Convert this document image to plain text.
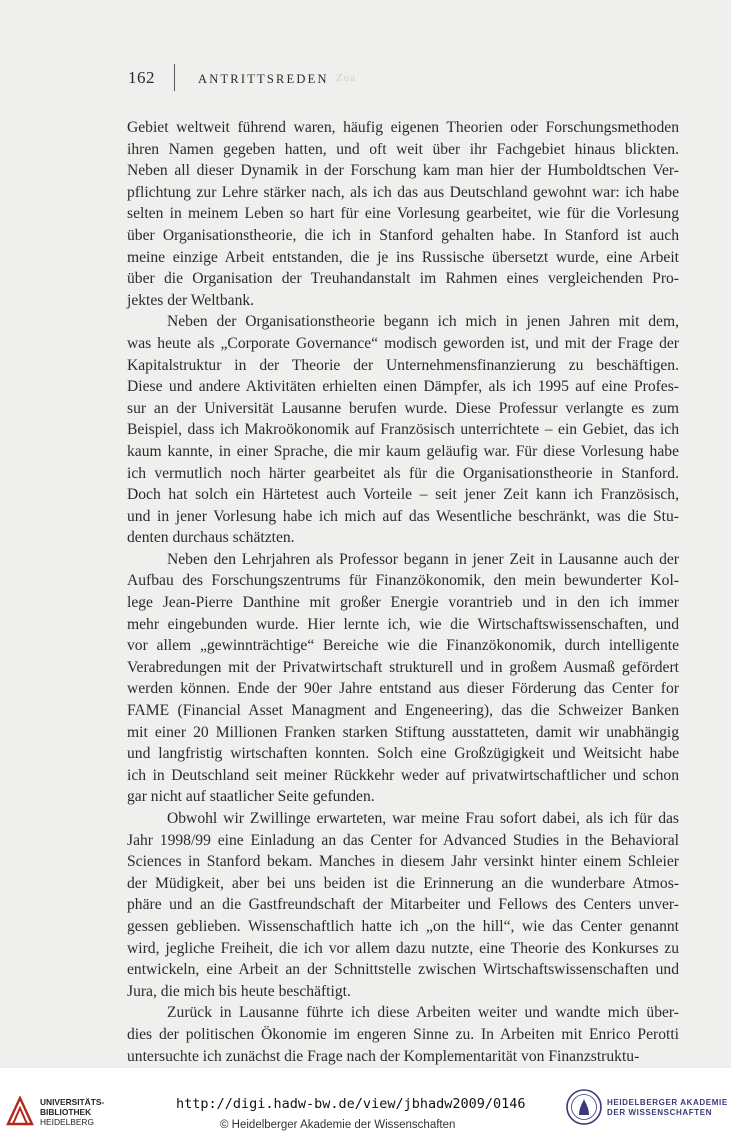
162	ANTRITTSREDEN Zoa
Gebiet weltweit führend waren, häufig eigenen Theorien oder Forschungsmethoden
ihren Namen gegeben hatten, und oft weit über ihr Fachgebiet hinaus blickten.
Neben all dieser Dynamik in der Forschung kam man hier der Humboldtschen Ver-
pflichtung zur Lehre stärker nach, als ich das aus Deutschland gewohnt war: ich habe
selten in meinem Leben so hart für eine Vorlesung gearbeitet, wie für die Vorlesung
über Organisationstheorie, die ich in Stanford gehalten habe. In Stanford ist auch
meine einzige Arbeit entstanden, die je ins Russische übersetzt wurde, eine Arbeit
über die Organisation der Treuhandanstalt im Rahmen eines vergleichenden Pro-
jektes der Weltbank.
Neben der Organisationstheorie begann ich mich in jenen Jahren mit dem,
was heute als „Corporate Governance“ modisch geworden ist, und mit der Frage der
Kapitalstruktur in der Theorie der Unternehmensfinanzierung zu beschäftigen.
Diese und andere Aktivitäten erhielten einen Dämpfer, als ich 1995 auf eine Profes-
sur an der Universität Lausanne berufen wurde. Diese Professur verlangte es zum
Beispiel, dass ich Makroökonomik auf Französisch unterrichtete – ein Gebiet, das ich
kaum kannte, in einer Sprache, die mir kaum geläufig war. Für diese Vorlesung habe
ich vermutlich noch härter gearbeitet als für die Organisationstheorie in Stanford.
Doch hat solch ein Härtetest auch Vorteile – seit jener Zeit kann ich Französisch,
und in jener Vorlesung habe ich mich auf das Wesentliche beschränkt, was die Stu-
denten durchaus schätzten.
Neben den Lehrjahren als Professor begann in jener Zeit in Lausanne auch der
Aufbau des Forschungszentrums für Finanzökonomik, den mein bewunderter Kol-
lege Jean-Pierre Danthine mit großer Energie vorantrieb und in den ich immer
mehr eingebunden wurde. Hier lernte ich, wie die Wirtschaftswissenschaften, und
vor allem „gewinnträchtige“ Bereiche wie die Finanzökonomik, durch intelligente
Verabredungen mit der Privatwirtschaft strukturell und in großem Ausmaß gefördert
werden können. Ende der 90er Jahre entstand aus dieser Förderung das Center for
FAME (Financial Asset Managment and Engeneering), das die Schweizer Banken
mit einer 20 Millionen Franken starken Stiftung ausstatteten, damit wir unabhängig
und langfristig wirtschaften konnten. Solch eine Großzügigkeit und Weitsicht habe
ich in Deutschland seit meiner Rückkehr weder auf privatwirtschaftlicher und schon
gar nicht auf staatlicher Seite gefunden.
Obwohl wir Zwillinge erwarteten, war meine Frau sofort dabei, als ich für das
Jahr 1998/99 eine Einladung an das Center for Advanced Studies in the Behavioral
Sciences in Stanford bekam. Manches in diesem Jahr versinkt hinter einem Schleier
der Müdigkeit, aber bei uns beiden ist die Erinnerung an die wunderbare Atmos-
phäre und an die Gastfreundschaft der Mitarbeiter und Fellows des Centers unver-
gessen geblieben. Wissenschaftlich hatte ich „on the hill“, wie das Center genannt
wird, jegliche Freiheit, die ich vor allem dazu nutzte, eine Theorie des Konkurses zu
entwickeln, eine Arbeit an der Schnittstelle zwischen Wirtschaftswissenschaften und
Jura, die mich bis heute beschäftigt.
Zurück in Lausanne führte ich diese Arbeiten weiter und wandte mich über-
dies der politischen Ökonomie im engeren Sinne zu. In Arbeiten mit Enrico Perotti
untersuchte ich zunächst die Frage nach der Komplementarität von Finanzstruktu-
UNIVERSITÄTS-
BIBLIOTHEK
HEIDELBERG
http://digi.hadw-bw.de/view/jbhadw2009/0146
© Heidelberger Akademie der Wissenschaften
HEIDELBERGER AKADEMIE
DER WISSENSCHAFTEN
